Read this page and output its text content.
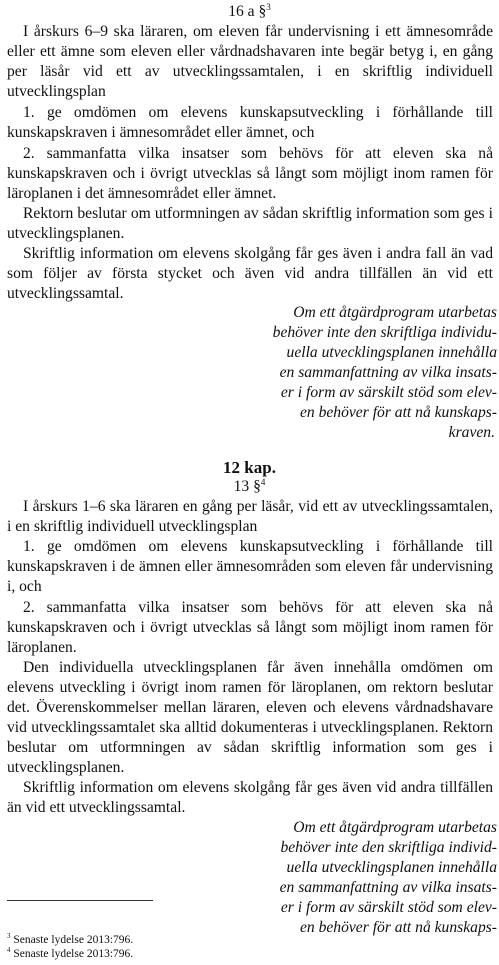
16 a §$^3$
I årskurs 6–9 ska läraren, om eleven får undervisning i ett ämnesområde eller ett ämne som eleven eller vårdnadshavaren inte begär betyg i, en gång per läsår vid ett av utvecklingssamtalen, i en skriftlig individuell utvecklingsplan
1. ge omdömen om elevens kunskapsutveckling i förhållande till kunskapskraven i ämnesområdet eller ämnet, och
2. sammanfatta vilka insatser som behövs för att eleven ska nå kunskapskraven och i övrigt utvecklas så långt som möjligt inom ramen för läroplanen i det ämnesområdet eller ämnet.
Rektorn beslutar om utformningen av sådan skriftlig information som ges i utvecklingsplanen.
Skriftlig information om elevens skolgång får ges även i andra fall än vad som följer av första stycket och även vid andra tillfällen än vid ett utvecklingssamtal.
Om ett åtgärdprogram utarbetas
behöver inte den skriftliga individu-
uella utvecklingsplanen innehålla
en sammanfattning av vilka insats-
er i form av särskilt stöd som elev-
en behöver för att nå kunskaps-
kraven.
12 kap.
13 §$^4$
I årskurs 1–6 ska läraren en gång per läsår, vid ett av utvecklingssamtalen, i en skriftlig individuell utvecklingsplan
1. ge omdömen om elevens kunskapsutveckling i förhållande till kunskapskraven i de ämnen eller ämnesområden som eleven får undervisning i, och
2. sammanfatta vilka insatser som behövs för att eleven ska nå kunskapskraven och i övrigt utvecklas så långt som möjligt inom ramen för läroplanen.
Den individuella utvecklingsplanen får även innehålla omdömen om elevens utveckling i övrigt inom ramen för läroplanen, om rektorn beslutar det. Överenskommelser mellan läraren, eleven och elevens vårdnadshavare vid utvecklingssamtalet ska alltid dokumenteras i utvecklingsplanen. Rektorn beslutar om utformningen av sådan skriftlig information som ges i utvecklingsplanen.
Skriftlig information om elevens skolgång får ges även vid andra tillfällen än vid ett utvecklingssamtal.
Om ett åtgärdprogram utarbetas
behöver inte den skriftliga individ-
uella utvecklingsplanen innehålla
en sammanfattning av vilka insats-
er i form av särskilt stöd som elev-
en behöver för att nå kunskaps-
$^3$ Senaste lydelse 2013:796.
$^4$ Senaste lydelse 2013:796.
